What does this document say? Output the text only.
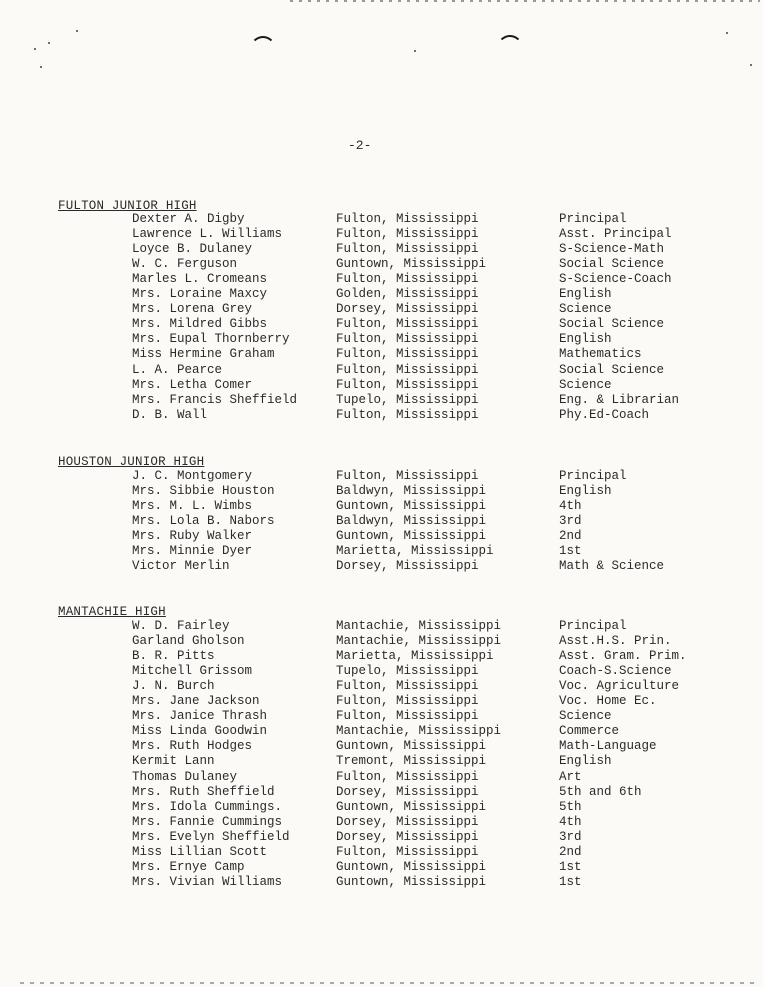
-2-
FULTON JUNIOR HIGH
Dexter A. Digby	Fulton, Mississippi	Principal
Lawrence L. Williams	Fulton, Mississippi	Asst. Principal
Loyce B. Dulaney	Fulton, Mississippi	S-Science-Math
W. C. Ferguson	Guntown, Mississippi	Social Science
Marles L. Cromeans	Fulton, Mississippi	S-Science-Coach
Mrs. Loraine Maxcy	Golden, Mississippi	English
Mrs. Lorena Grey	Dorsey, Mississippi	Science
Mrs. Mildred Gibbs	Fulton, Mississippi	Social Science
Mrs. Eupal Thornberry	Fulton, Mississippi	English
Miss Hermine Graham	Fulton, Mississippi	Mathematics
L. A. Pearce	Fulton, Mississippi	Social Science
Mrs. Letha Comer	Fulton, Mississippi	Science
Mrs. Francis Sheffield	Tupelo, Mississippi	Eng. & Librarian
D. B. Wall	Fulton, Mississippi	Phy.Ed-Coach
HOUSTON JUNIOR HIGH
J. C. Montgomery	Fulton, Mississippi	Principal
Mrs. Sibbie Houston	Baldwyn, Mississippi	English
Mrs. M. L. Wimbs	Guntown, Mississippi	4th
Mrs. Lola B. Nabors	Baldwyn, Mississippi	3rd
Mrs. Ruby Walker	Guntown, Mississippi	2nd
Mrs. Minnie Dyer	Marietta, Mississippi	1st
Victor Merlin	Dorsey, Mississippi	Math & Science
MANTACHIE HIGH
W. D. Fairley	Mantachie, Mississippi	Principal
Garland Gholson	Mantachie, Mississippi	Asst.H.S. Prin.
B. R. Pitts	Marietta, Mississippi	Asst. Gram. Prim.
Mitchell Grissom	Tupelo, Mississippi	Coach-S.Science
J. N. Burch	Fulton, Mississippi	Voc. Agriculture
Mrs. Jane Jackson	Fulton, Mississippi	Voc. Home Ec.
Mrs. Janice Thrash	Fulton, Mississippi	Science
Miss Linda Goodwin	Mantachie, Mississippi	Commerce
Mrs. Ruth Hodges	Guntown, Mississippi	Math-Language
Kermit Lann	Tremont, Mississippi	English
Thomas Dulaney	Fulton, Mississippi	Art
Mrs. Ruth Sheffield	Dorsey, Mississippi	5th and 6th
Mrs. Idola Cummings.	Guntown, Mississippi	5th
Mrs. Fannie Cummings	Dorsey, Mississippi	4th
Mrs. Evelyn Sheffield	Dorsey, Mississippi	3rd
Miss Lillian Scott	Fulton, Mississippi	2nd
Mrs. Ernye Camp	Guntown, Mississippi	1st
Mrs. Vivian Williams	Guntown, Mississippi	1st
